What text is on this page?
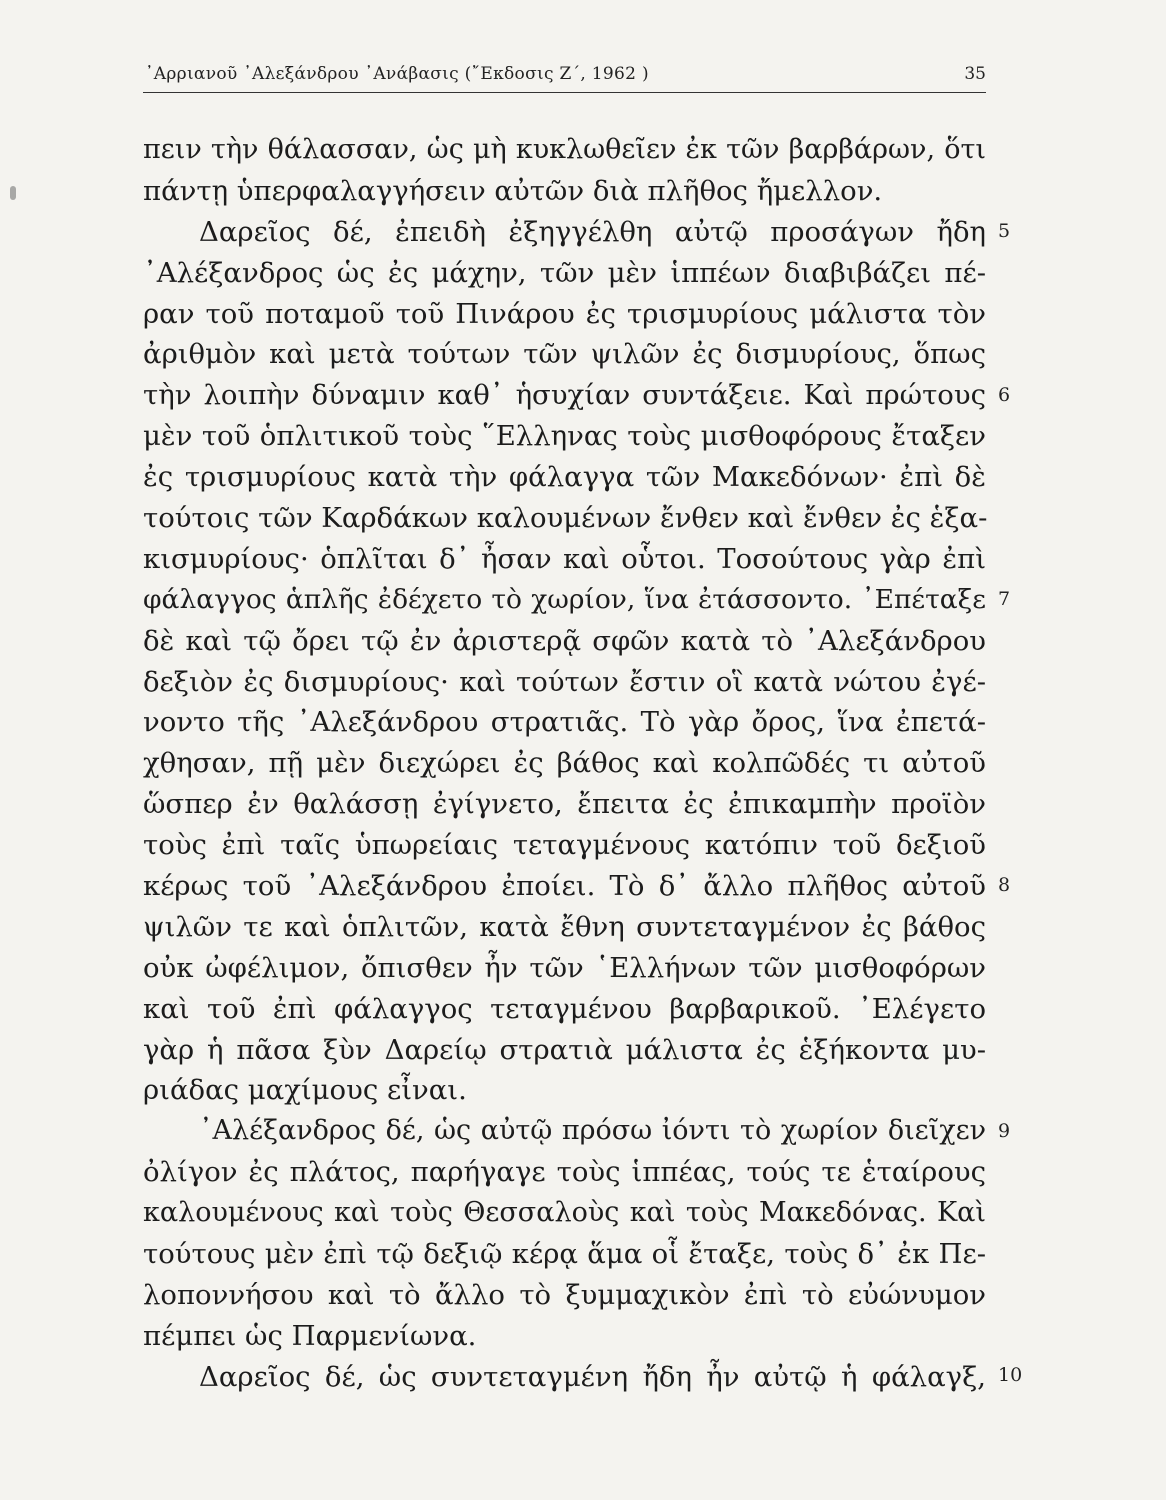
᾿Αρριανοῦ ᾿Αλεξάνδρου ᾿Ανάβασις (῎Εκδοσις Ζ΄, 1962 )	35
πειν τὴν θάλασσαν, ὡς μὴ κυκλωθεῖεν ἐκ τῶν βαρβάρων, ὅτι
πάντῃ ὑπερφαλαγγήσειν αὐτῶν διὰ πλῆθος ἤμελλον.
Δαρεῖος δέ, ἐπειδὴ ἐξηγγέλθη αὐτῷ προσάγων ἤδη
᾿Αλέξανδρος ὡς ἐς μάχην, τῶν μὲν ἱππέων διαβιβάζει πέ-
ραν τοῦ ποταμοῦ τοῦ Πινάρου ἐς τρισμυρίους μάλιστα τὸν
ἀριθμὸν καὶ μετὰ τούτων τῶν ψιλῶν ἐς δισμυρίους, ὅπως
τὴν λοιπὴν δύναμιν καθ᾿ ἡσυχίαν συντάξειε. Καὶ πρώτους
μὲν τοῦ ὁπλιτικοῦ τοὺς ῞Ελληνας τοὺς μισθοφόρους ἔταξεν
ἐς τρισμυρίους κατὰ τὴν φάλαγγα τῶν Μακεδόνων· ἐπὶ δὲ
τούτοις τῶν Καρδάκων καλουμένων ἔνθεν καὶ ἔνθεν ἐς ἑξα-
κισμυρίους· ὁπλῖται δ᾿ ἦσαν καὶ οὗτοι. Τοσούτους γὰρ ἐπὶ
φάλαγγος ἁπλῆς ἐδέχετο τὸ χωρίον, ἵνα ἐτάσσοντο. ᾿Επέταξε
δὲ καὶ τῷ ὄρει τῷ ἐν ἀριστερᾷ σφῶν κατὰ τὸ ᾿Αλεξάνδρου
δεξιὸν ἐς δισμυρίους· καὶ τούτων ἔστιν οἳ κατὰ νώτου ἐγέ-
νοντο τῆς ᾿Αλεξάνδρου στρατιᾶς. Τὸ γὰρ ὄρος, ἵνα ἐπετά-
χθησαν, πῇ μὲν διεχώρει ἐς βάθος καὶ κολπῶδές τι αὐτοῦ
ὥσπερ ἐν θαλάσσῃ ἐγίγνετο, ἔπειτα ἐς ἐπικαμπὴν προϊὸν
τοὺς ἐπὶ ταῖς ὑπωρείαις τεταγμένους κατόπιν τοῦ δεξιοῦ
κέρως τοῦ ᾿Αλεξάνδρου ἐποίει. Τὸ δ᾿ ἄλλο πλῆθος αὐτοῦ
ψιλῶν τε καὶ ὁπλιτῶν, κατὰ ἔθνη συντεταγμένον ἐς βάθος
οὐκ ὠφέλιμον, ὄπισθεν ἦν τῶν ῾Ελλήνων τῶν μισθοφόρων
καὶ τοῦ ἐπὶ φάλαγγος τεταγμένου βαρβαρικοῦ. ᾿Ελέγετο
γὰρ ἡ πᾶσα ξὺν Δαρείῳ στρατιὰ μάλιστα ἐς ἑξήκοντα μυ-
ριάδας μαχίμους εἶναι.
᾿Αλέξανδρος δέ, ὡς αὐτῷ πρόσω ἰόντι τὸ χωρίον διεῖχεν
ὀλίγον ἐς πλάτος, παρήγαγε τοὺς ἱππέας, τούς τε ἑταίρους
καλουμένους καὶ τοὺς Θεσσαλοὺς καὶ τοὺς Μακεδόνας. Καὶ
τούτους μὲν ἐπὶ τῷ δεξιῷ κέρᾳ ἅμα οἷ ἔταξε, τοὺς δ᾿ ἐκ Πε-
λοποννήσου καὶ τὸ ἄλλο τὸ ξυμμαχικὸν ἐπὶ τὸ εὐώνυμον
πέμπει ὡς Παρμενίωνα.
Δαρεῖος δέ, ὡς συντεταγμένη ἤδη ἦν αὐτῷ ἡ φάλαγξ,
5
6
7
8
9
10
